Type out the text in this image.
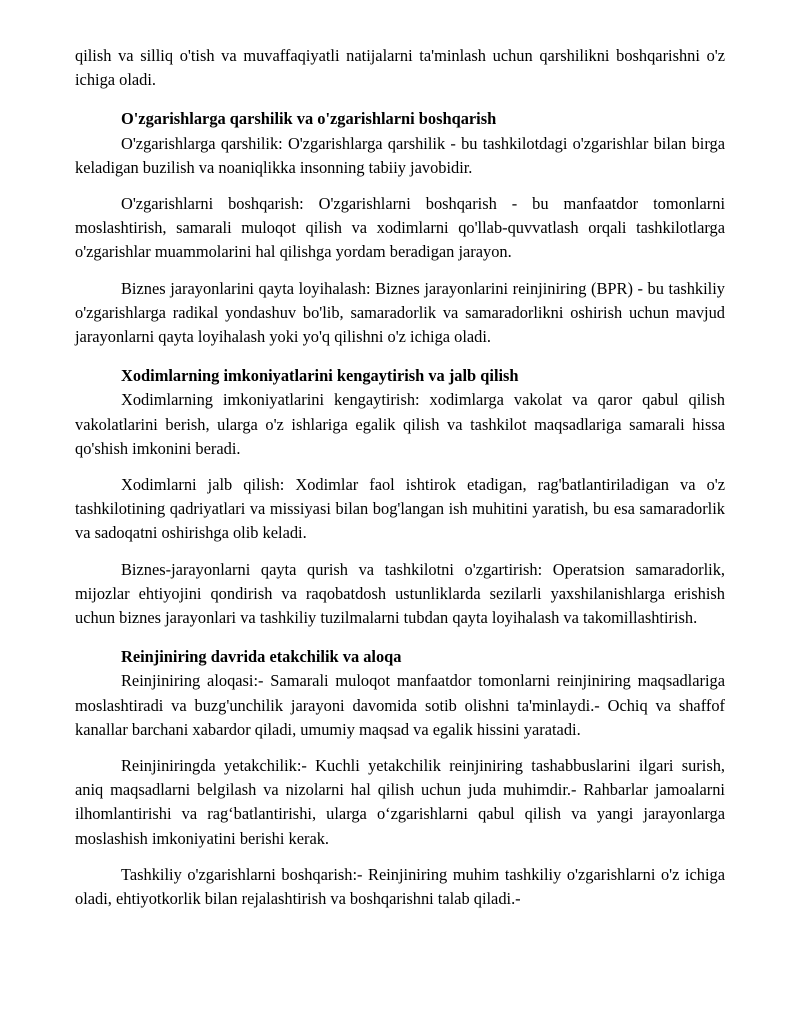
qilish va silliq o'tish va muvaffaqiyatli natijalarni ta'minlash uchun qarshilikni boshqarishni o'z ichiga oladi.

O'zgarishlarga qarshilik va o'zgarishlarni boshqarish

O'zgarishlarga qarshilik: O'zgarishlarga qarshilik - bu tashkilotdagi o'zgarishlar bilan birga keladigan buzilish va noaniqlikka insonning tabiiy javobidir.

O'zgarishlarni boshqarish: O'zgarishlarni boshqarish - bu manfaatdor tomonlarni moslashtirish, samarali muloqot qilish va xodimlarni qo'llab-quvvatlash orqali tashkilotlarga o'zgarishlar muammolarini hal qilishga yordam beradigan jarayon.

Biznes jarayonlarini qayta loyihalash: Biznes jarayonlarini reinjiniring (BPR) - bu tashkiliy o'zgarishlarga radikal yondashuv bo'lib, samaradorlik va samaradorlikni oshirish uchun mavjud jarayonlarni qayta loyihalash yoki yo'q qilishni o'z ichiga oladi.

Xodimlarning imkoniyatlarini kengaytirish va jalb qilish

Xodimlarning imkoniyatlarini kengaytirish: xodimlarga vakolat va qaror qabul qilish vakolatlarini berish, ularga o'z ishlariga egalik qilish va tashkilot maqsadlariga samarali hissa qo'shish imkonini beradi.

Xodimlarni jalb qilish: Xodimlar faol ishtirok etadigan, rag'batlantiriladigan va o'z tashkilotining qadriyatlari va missiyasi bilan bog'langan ish muhitini yaratish, bu esa samaradorlik va sadoqatni oshirishga olib keladi.

Biznes-jarayonlarni qayta qurish va tashkilotni o'zgartirish: Operatsion samaradorlik, mijozlar ehtiyojini qondirish va raqobatdosh ustunliklarda sezilarli yaxshilanishlarga erishish uchun biznes jarayonlari va tashkiliy tuzilmalarni tubdan qayta loyihalash va takomillashtirish.

Reinjiniring davrida etakchilik va aloqa

Reinjiniring aloqasi:- Samarali muloqot manfaatdor tomonlarni reinjiniring maqsadlariga moslashtiradi va buzg'unchilik jarayoni davomida sotib olishni ta'minlaydi.- Ochiq va shaffof kanallar barchani xabardor qiladi, umumiy maqsad va egalik hissini yaratadi.

Reinjiniringda yetakchilik:- Kuchli yetakchilik reinjiniring tashabbuslarini ilgari surish, aniq maqsadlarni belgilash va nizolarni hal qilish uchun juda muhimdir.- Rahbarlar jamoalarni ilhomlantirishi va rag‘batlantirishi, ularga o‘zgarishlarni qabul qilish va yangi jarayonlarga moslashish imkoniyatini berishi kerak.

Tashkiliy o'zgarishlarni boshqarish:- Reinjiniring muhim tashkiliy o'zgarishlarni o'z ichiga oladi, ehtiyotkorlik bilan rejalashtirish va boshqarishni talab qiladi.-
